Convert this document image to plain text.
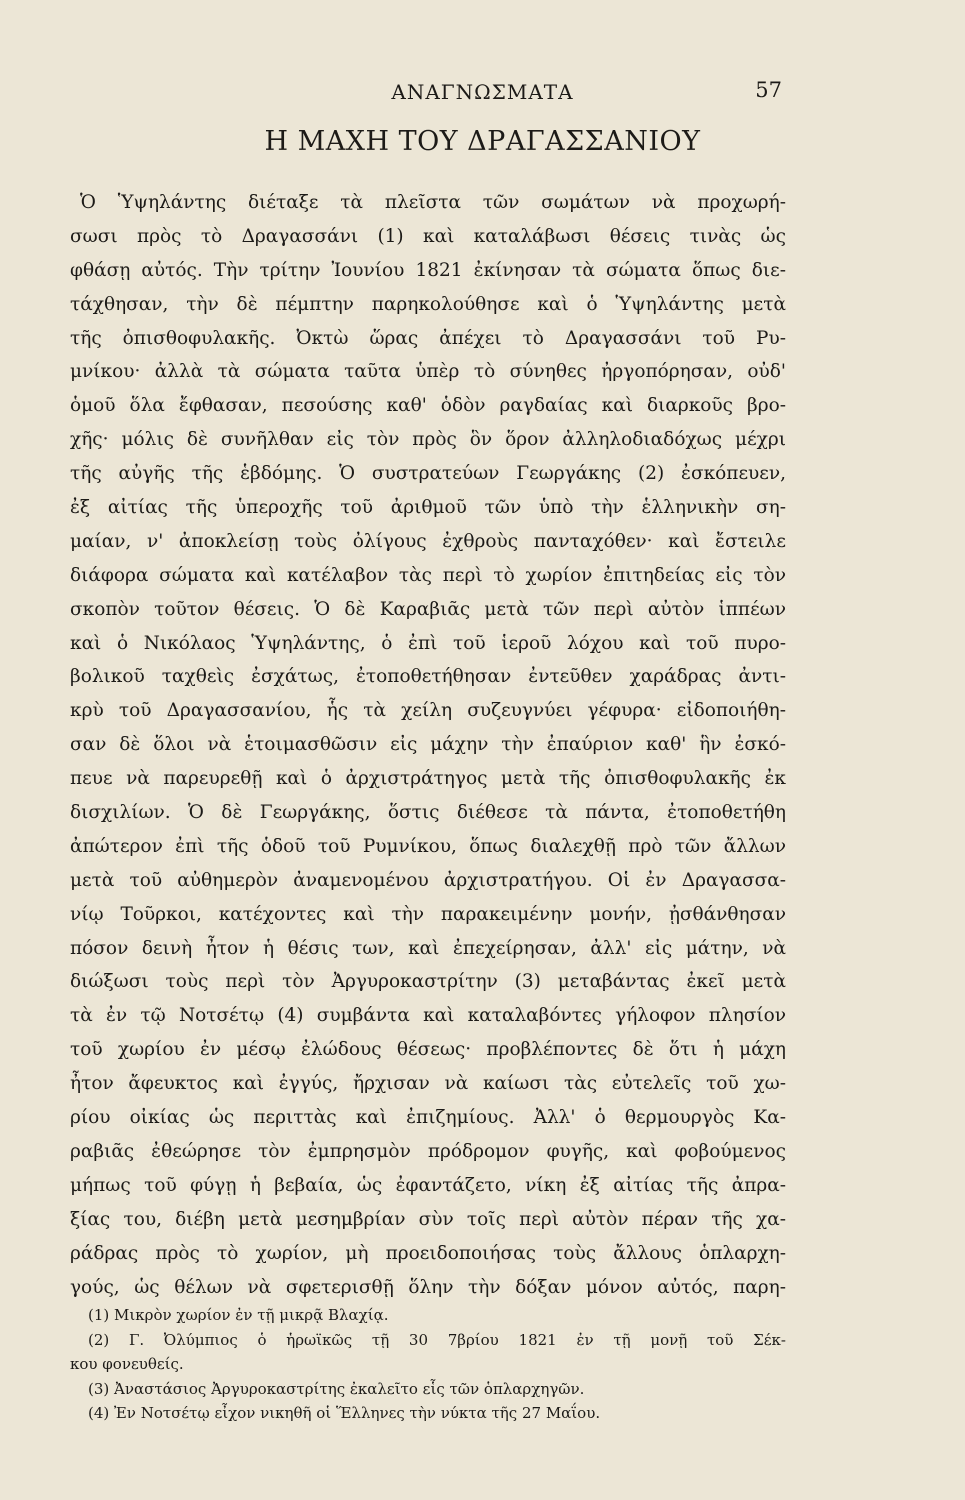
ΑΝΑΓΝΩΣΜΑΤΑ	57
Η ΜΑΧΗ ΤΟΥ ΔΡΑΓΑΣΣΑΝΙΟΥ
Ὁ Ὑψηλάντης διέταξε τὰ πλεῖστα τῶν σωμάτων νὰ προχωρή-
σωσι πρὸς τὸ Δραγασσάνι (1) καὶ καταλάβωσι θέσεις τινὰς ὡς
φθάσῃ αὐτός. Τὴν τρίτην Ἰουνίου 1821 ἐκίνησαν τὰ σώματα ὅπως διε-
τάχθησαν, τὴν δὲ πέμπτην παρηκολούθησε καὶ ὁ Ὑψηλάντης μετὰ
τῆς ὀπισθοφυλακῆς. Ὀκτὼ ὥρας ἀπέχει τὸ Δραγασσάνι τοῦ Ρυ-
μνίκου· ἀλλὰ τὰ σώματα ταῦτα ὑπὲρ τὸ σύνηθες ἠργοπόρησαν, οὐδ'
ὁμοῦ ὅλα ἔφθασαν, πεσούσης καθ' ὁδὸν ραγδαίας καὶ διαρκοῦς βρο-
χῆς· μόλις δὲ συνῆλθαν εἰς τὸν πρὸς ὃν ὅρον ἀλληλοδιαδόχως μέχρι
τῆς αὐγῆς τῆς ἑβδόμης. Ὁ συστρατεύων Γεωργάκης (2) ἐσκόπευεν,
ἐξ αἰτίας τῆς ὑπεροχῆς τοῦ ἀριθμοῦ τῶν ὑπὸ τὴν ἑλληνικὴν ση-
μαίαν, ν' ἀποκλείσῃ τοὺς ὀλίγους ἐχθροὺς πανταχόθεν· καὶ ἔστειλε
διάφορα σώματα καὶ κατέλαβον τὰς περὶ τὸ χωρίον ἐπιτηδείας εἰς τὸν
σκοπὸν τοῦτον θέσεις. Ὁ δὲ Καραβιᾶς μετὰ τῶν περὶ αὐτὸν ἱππέων
καὶ ὁ Νικόλαος Ὑψηλάντης, ὁ ἐπὶ τοῦ ἱεροῦ λόχου καὶ τοῦ πυρο-
βολικοῦ ταχθεὶς ἐσχάτως, ἐτοποθετήθησαν ἐντεῦθεν χαράδρας ἀντι-
κρὺ τοῦ Δραγασσανίου, ἧς τὰ χείλη συζευγνύει γέφυρα· εἰδοποιήθη-
σαν δὲ ὅλοι νὰ ἑτοιμασθῶσιν εἰς μάχην τὴν ἐπαύριον καθ' ἣν ἐσκό-
πευε νὰ παρευρεθῇ καὶ ὁ ἀρχιστράτηγος μετὰ τῆς ὀπισθοφυλακῆς ἐκ
δισχιλίων. Ὁ δὲ Γεωργάκης, ὅστις διέθεσε τὰ πάντα, ἐτοποθετήθη
ἀπώτερον ἐπὶ τῆς ὁδοῦ τοῦ Ρυμνίκου, ὅπως διαλεχθῇ πρὸ τῶν ἄλλων
μετὰ τοῦ αὐθημερὸν ἀναμενομένου ἀρχιστρατήγου. Οἱ ἐν Δραγασσα-
νίῳ Τοῦρκοι, κατέχοντες καὶ τὴν παρακειμένην μονήν, ᾐσθάνθησαν
πόσον δεινὴ ἦτον ἡ θέσις των, καὶ ἐπεχείρησαν, ἀλλ' εἰς μάτην, νὰ
διώξωσι τοὺς περὶ τὸν Ἀργυροκαστρίτην (3) μεταβάντας ἐκεῖ μετὰ
τὰ ἐν τῷ Νοτσέτῳ (4) συμβάντα καὶ καταλαβόντες γήλοφον πλησίον
τοῦ χωρίου ἐν μέσῳ ἐλώδους θέσεως· προβλέποντες δὲ ὅτι ἡ μάχη
ἦτον ἄφευκτος καὶ ἐγγύς, ἤρχισαν νὰ καίωσι τὰς εὐτελεῖς τοῦ χω-
ρίου οἰκίας ὡς περιττὰς καὶ ἐπιζημίους. Ἀλλ' ὁ θερμουργὸς Κα-
ραβιᾶς ἐθεώρησε τὸν ἐμπρησμὸν πρόδρομον φυγῆς, καὶ φοβούμενος
μήπως τοῦ φύγῃ ἡ βεβαία, ὡς ἐφαντάζετο, νίκη ἐξ αἰτίας τῆς ἀπρα-
ξίας του, διέβη μετὰ μεσημβρίαν σὺν τοῖς περὶ αὐτὸν πέραν τῆς χα-
ράδρας πρὸς τὸ χωρίον, μὴ προειδοποιήσας τοὺς ἄλλους ὁπλαρχη-
γούς, ὡς θέλων νὰ σφετερισθῇ ὅλην τὴν δόξαν μόνον αὐτός, παρη-
(1) Μικρὸν χωρίον ἐν τῇ μικρᾷ Βλαχίᾳ.
(2) Γ. Ὀλύμπιος ὁ ἡρωϊκῶς τῇ 30 7βρίου 1821 ἐν τῇ μονῇ τοῦ Σέκ-
κου φονευθείς.
(3) Ἀναστάσιος Ἀργυροκαστρίτης ἐκαλεῖτο εἷς τῶν ὁπλαρχηγῶν.
(4) Ἐν Νοτσέτῳ εἶχον νικηθῆ οἱ Ἕλληνες τὴν νύκτα τῆς 27 Μαΐου.
